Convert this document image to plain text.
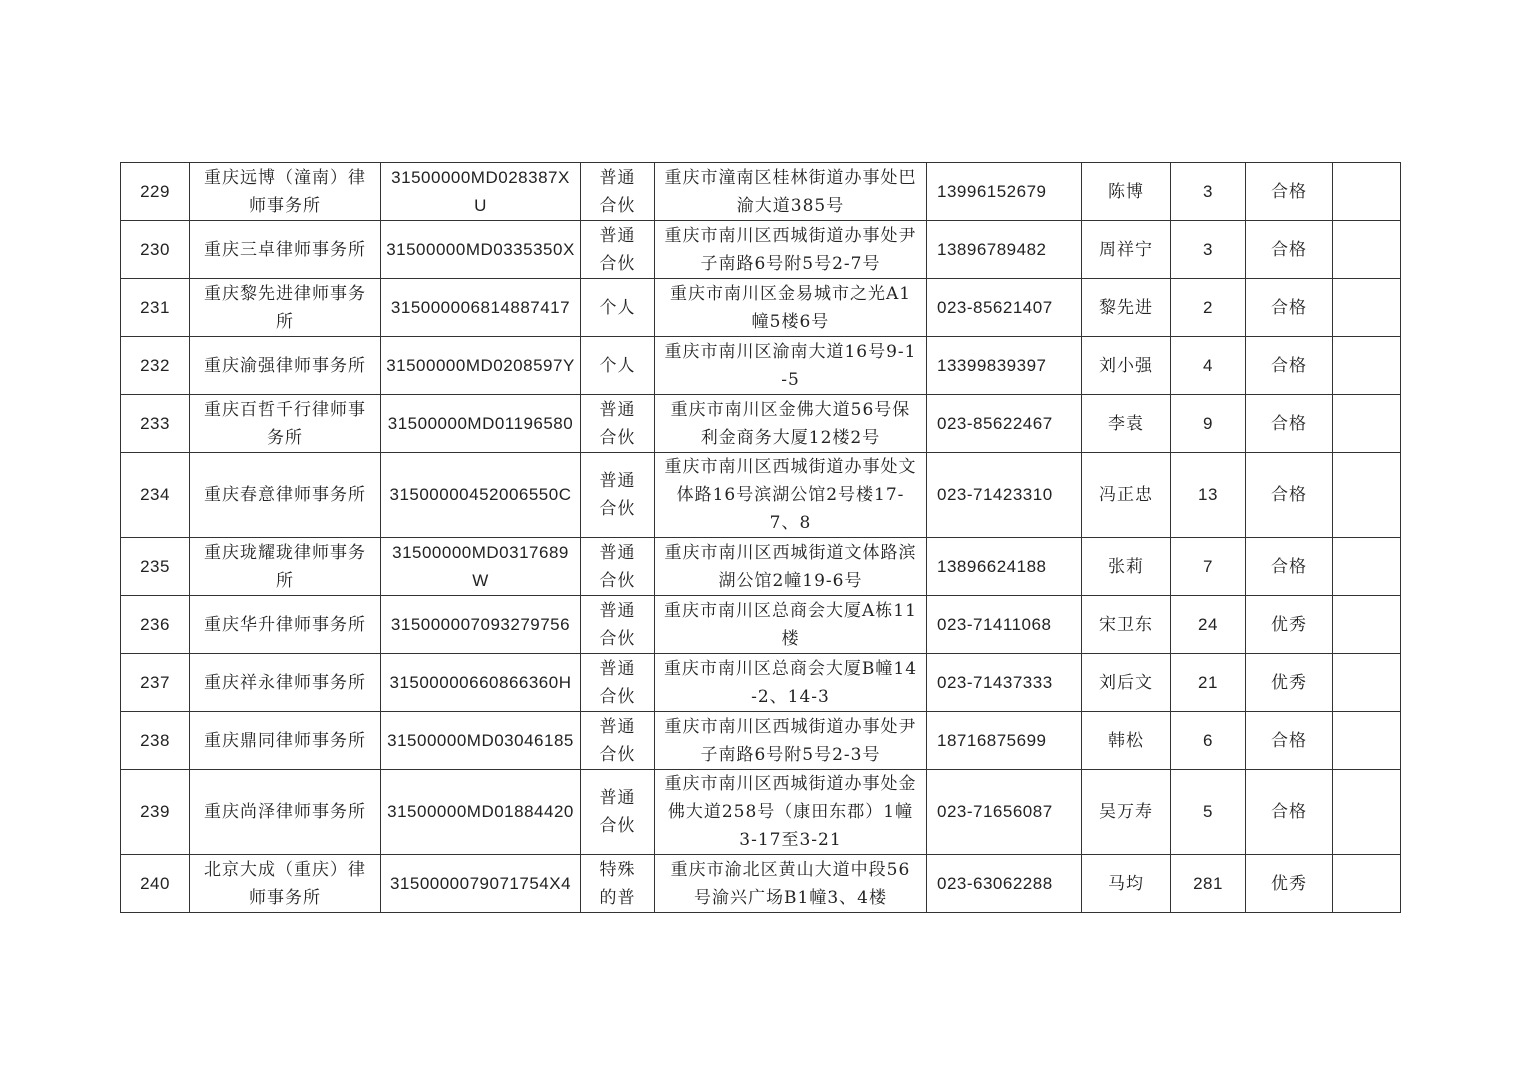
229	重庆远博（潼南）律师事务所	31500000MD028387XU	普通合伙	重庆市潼南区桂林街道办事处巴渝大道385号	13996152679	陈博	3	合格	
230	重庆三卓律师事务所	31500000MD0335350X	普通合伙	重庆市南川区西城街道办事处尹子南路6号附5号2-7号	13896789482	周祥宁	3	合格	
231	重庆黎先进律师事务所	315000006814887417	个人	重庆市南川区金易城市之光A1幢5楼6号	023-85621407	黎先进	2	合格	
232	重庆渝强律师事务所	31500000MD0208597Y	个人	重庆市南川区渝南大道16号9-1-5	13399839397	刘小强	4	合格	
233	重庆百哲千行律师事务所	31500000MD01196580	普通合伙	重庆市南川区金佛大道56号保利金商务大厦12楼2号	023-85622467	李袁	9	合格	
234	重庆春意律师事务所	31500000452006550C	普通合伙	重庆市南川区西城街道办事处文体路16号滨湖公馆2号楼17-7、8	023-71423310	冯正忠	13	合格	
235	重庆珑耀珑律师事务所	31500000MD0317689W	普通合伙	重庆市南川区西城街道文体路滨湖公馆2幢19-6号	13896624188	张莉	7	合格	
236	重庆华升律师事务所	315000007093279756	普通合伙	重庆市南川区总商会大厦A栋11楼	023-71411068	宋卫东	24	优秀	
237	重庆祥永律师事务所	31500000660866360H	普通合伙	重庆市南川区总商会大厦B幢14-2、14-3	023-71437333	刘后文	21	优秀	
238	重庆鼎同律师事务所	31500000MD03046185	普通合伙	重庆市南川区西城街道办事处尹子南路6号附5号2-3号	18716875699	韩松	6	合格	
239	重庆尚泽律师事务所	31500000MD01884420	普通合伙	重庆市南川区西城街道办事处金佛大道258号（康田东郡）1幢3-17至3-21	023-71656087	吴万寿	5	合格	
240	北京大成（重庆）律师事务所	3150000079071754X4	特殊的普	重庆市渝北区黄山大道中段56号渝兴广场B1幢3、4楼	023-63062288	马均	281	优秀	
